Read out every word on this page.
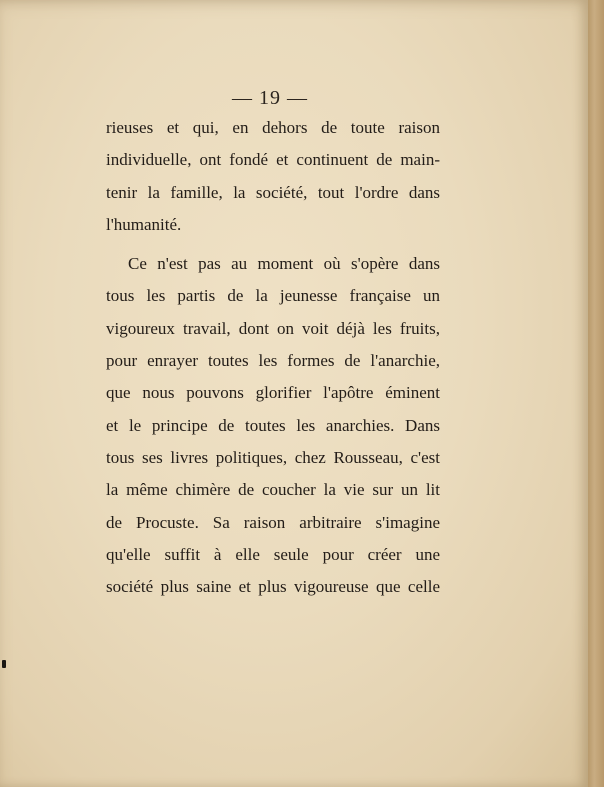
— 19 —
rieuses et qui, en dehors de toute raison
individuelle, ont fondé et continuent de main-
tenir la famille, la société, tout l'ordre dans
l'humanité.
Ce n'est pas au moment où s'opère dans
tous les partis de la jeunesse française un
vigoureux travail, dont on voit déjà les fruits,
pour enrayer toutes les formes de l'anarchie,
que nous pouvons glorifier l'apôtre éminent
et le principe de toutes les anarchies. Dans
tous ses livres politiques, chez Rousseau, c'est
la même chimère de coucher la vie sur un lit
de Procuste. Sa raison arbitraire s'imagine
qu'elle suffit à elle seule pour créer une
société plus saine et plus vigoureuse que celle
